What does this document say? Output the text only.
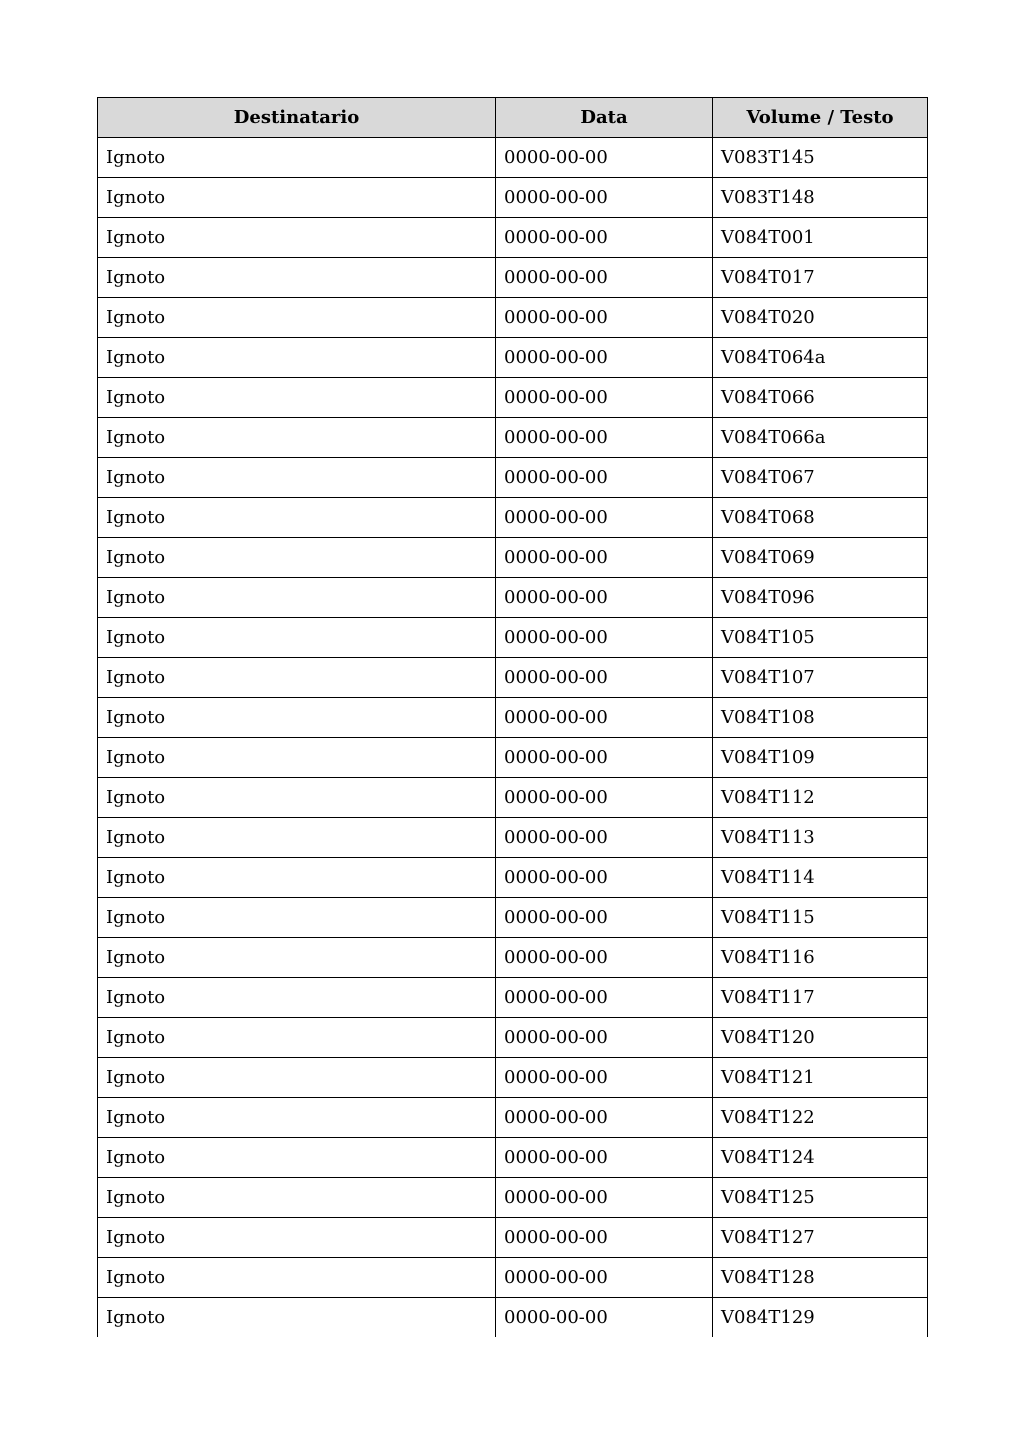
Destinatario	Data	Volume / Testo
Ignoto	0000-00-00	V083T145
Ignoto	0000-00-00	V083T148
Ignoto	0000-00-00	V084T001
Ignoto	0000-00-00	V084T017
Ignoto	0000-00-00	V084T020
Ignoto	0000-00-00	V084T064a
Ignoto	0000-00-00	V084T066
Ignoto	0000-00-00	V084T066a
Ignoto	0000-00-00	V084T067
Ignoto	0000-00-00	V084T068
Ignoto	0000-00-00	V084T069
Ignoto	0000-00-00	V084T096
Ignoto	0000-00-00	V084T105
Ignoto	0000-00-00	V084T107
Ignoto	0000-00-00	V084T108
Ignoto	0000-00-00	V084T109
Ignoto	0000-00-00	V084T112
Ignoto	0000-00-00	V084T113
Ignoto	0000-00-00	V084T114
Ignoto	0000-00-00	V084T115
Ignoto	0000-00-00	V084T116
Ignoto	0000-00-00	V084T117
Ignoto	0000-00-00	V084T120
Ignoto	0000-00-00	V084T121
Ignoto	0000-00-00	V084T122
Ignoto	0000-00-00	V084T124
Ignoto	0000-00-00	V084T125
Ignoto	0000-00-00	V084T127
Ignoto	0000-00-00	V084T128
Ignoto	0000-00-00	V084T129
